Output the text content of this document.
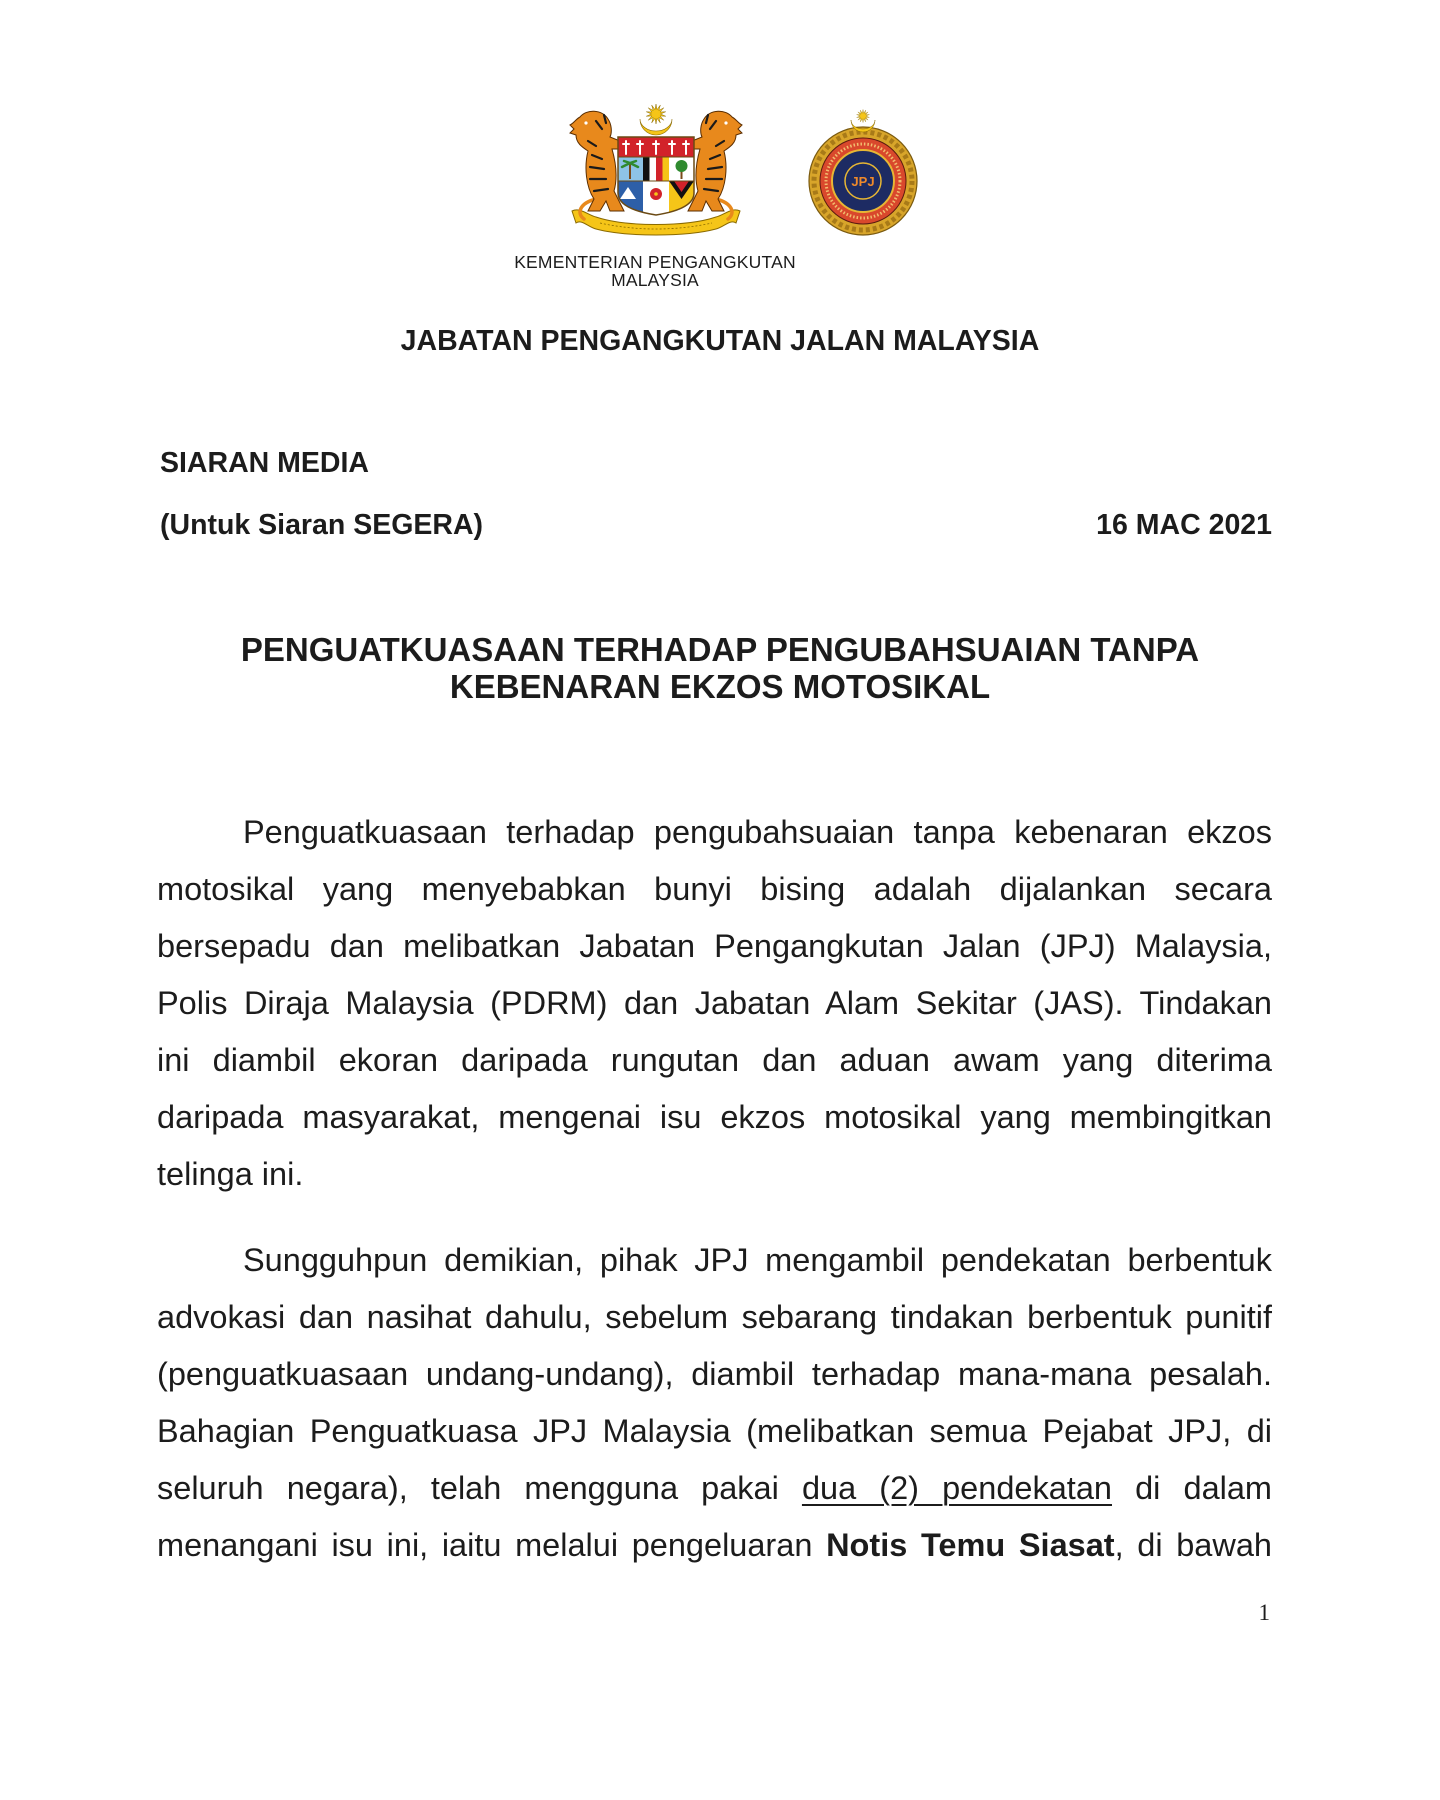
JPJ
KEMENTERIAN PENGANGKUTAN
MALAYSIA
JABATAN PENGANGKUTAN JALAN MALAYSIA
SIARAN MEDIA
(Untuk Siaran SEGERA)	16 MAC 2021
PENGUATKUASAAN TERHADAP PENGUBAHSUAIAN TANPA
KEBENARAN EKZOS MOTOSIKAL
Penguatkuasaan terhadap pengubahsuaian tanpa kebenaran ekzos
motosikal yang menyebabkan bunyi bising adalah dijalankan secara
bersepadu dan melibatkan Jabatan Pengangkutan Jalan (JPJ) Malaysia,
Polis Diraja Malaysia (PDRM) dan Jabatan Alam Sekitar (JAS). Tindakan
ini diambil ekoran daripada rungutan dan aduan awam yang diterima
daripada masyarakat, mengenai isu ekzos motosikal yang membingitkan
telinga ini.
Sungguhpun demikian, pihak JPJ mengambil pendekatan berbentuk
advokasi dan nasihat dahulu, sebelum sebarang tindakan berbentuk punitif
(penguatkuasaan undang-undang), diambil terhadap mana-mana pesalah.
Bahagian Penguatkuasa JPJ Malaysia (melibatkan semua Pejabat JPJ, di
seluruh negara), telah mengguna pakai dua (2) pendekatan di dalam
menangani isu ini, iaitu melalui pengeluaran Notis Temu Siasat, di bawah
1
